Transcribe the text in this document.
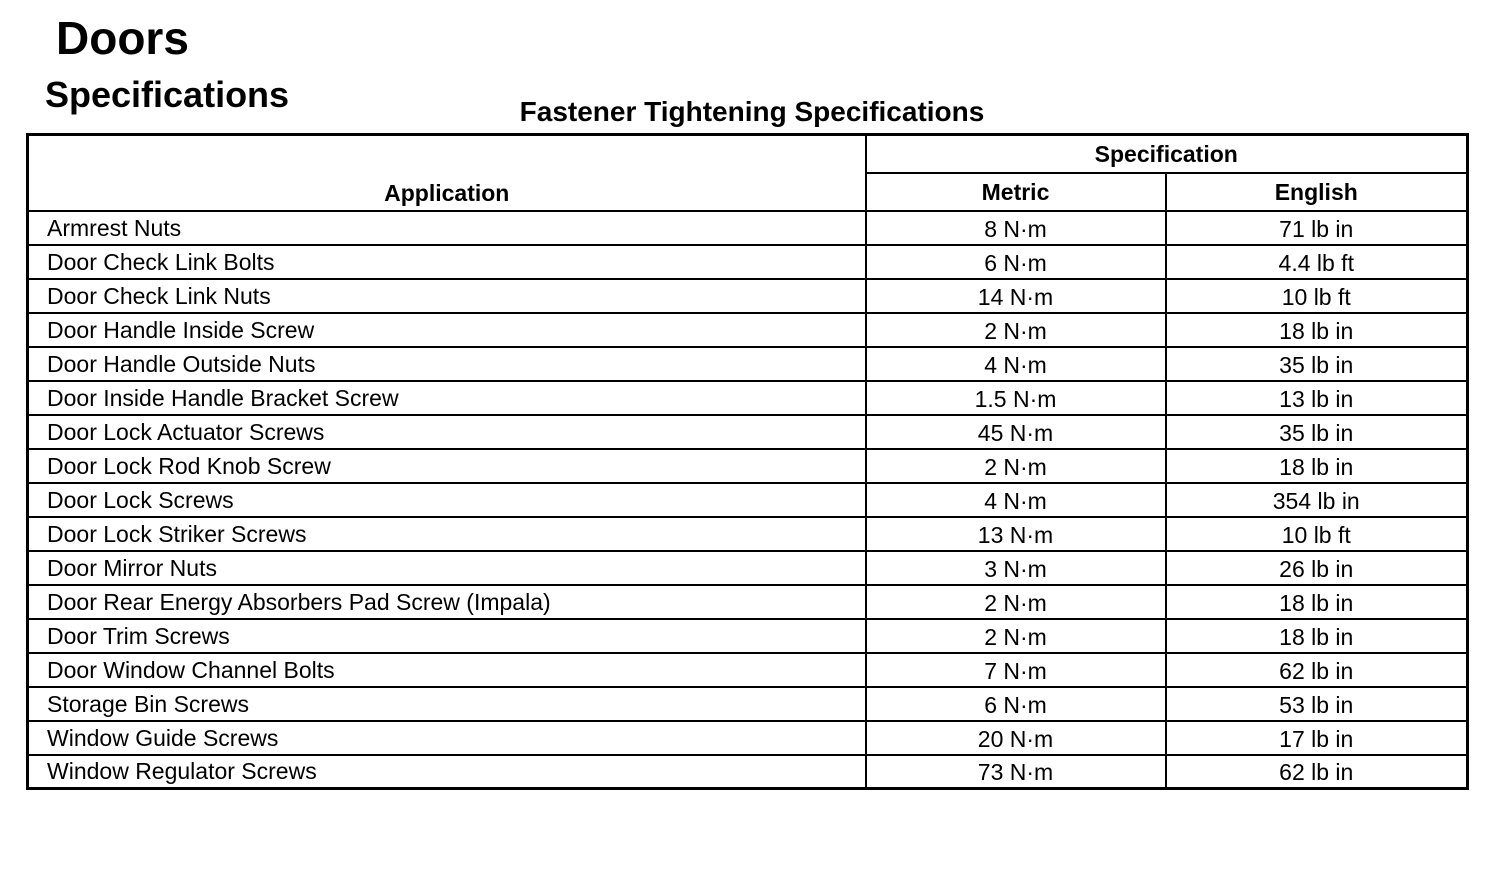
Doors
Specifications	Fastener Tightening Specifications
Application	Specification	
	Metric	English
Armrest Nuts	8 N·m	71 lb in
Door Check Link Bolts	6 N·m	4.4 lb ft
Door Check Link Nuts	14 N·m	10 lb ft
Door Handle Inside Screw	2 N·m	18 lb in
Door Handle Outside Nuts	4 N·m	35 lb in
Door Inside Handle Bracket Screw	1.5 N·m	13 lb in
Door Lock Actuator Screws	45 N·m	35 lb in
Door Lock Rod Knob Screw	2 N·m	18 lb in
Door Lock Screws	4 N·m	354 lb in
Door Lock Striker Screws	13 N·m	10 lb ft
Door Mirror Nuts	3 N·m	26 lb in
Door Rear Energy Absorbers Pad Screw (Impala)	2 N·m	18 lb in
Door Trim Screws	2 N·m	18 lb in
Door Window Channel Bolts	7 N·m	62 lb in
Storage Bin Screws	6 N·m	53 lb in
Window Guide Screws	20 N·m	17 lb in
Window Regulator Screws	73 N·m	62 lb in
